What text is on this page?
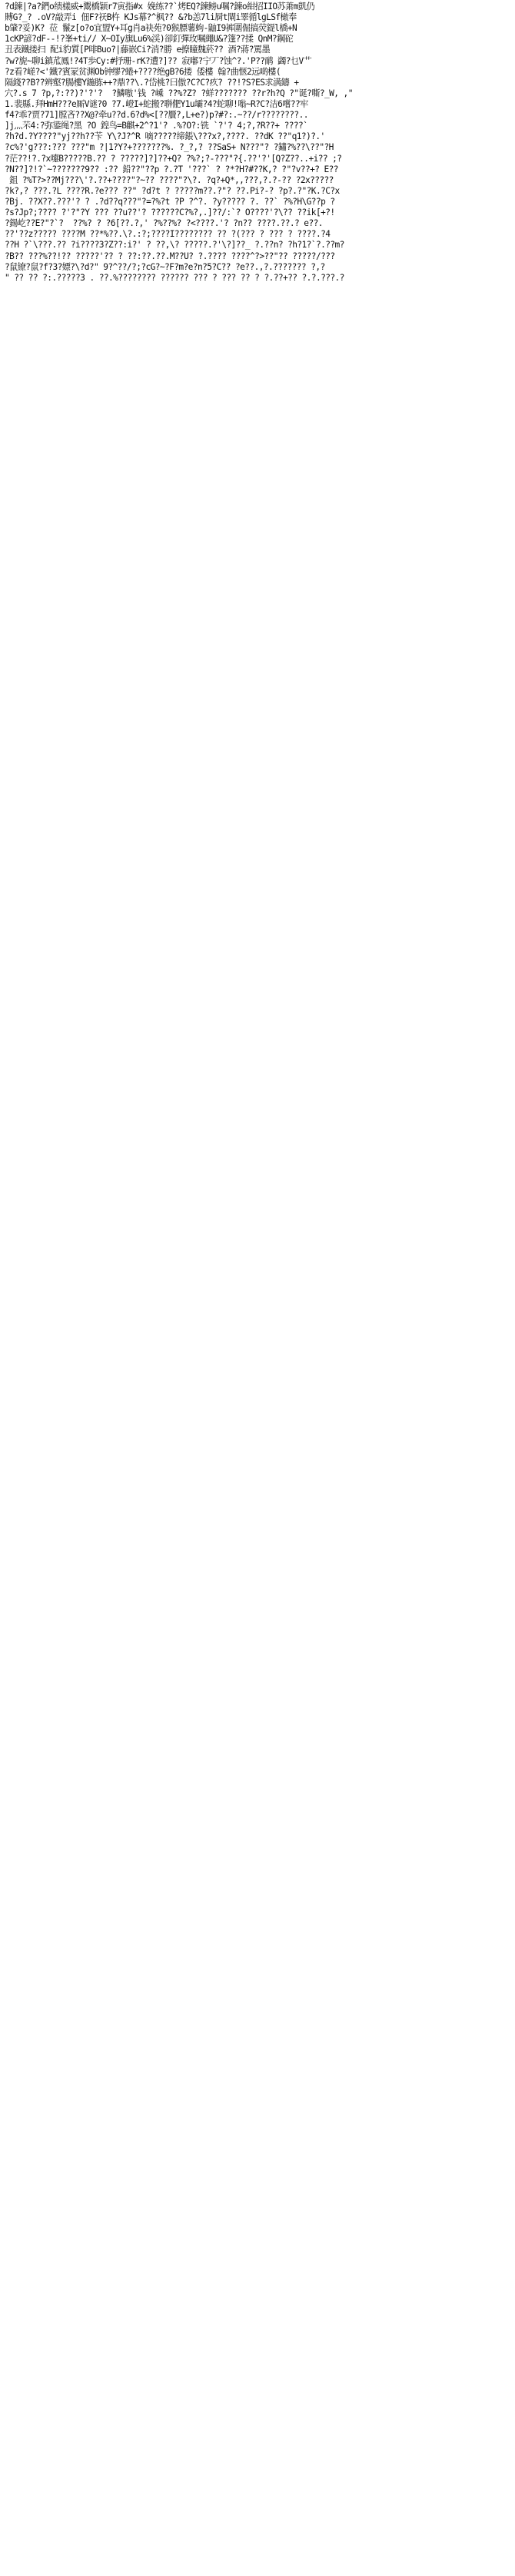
?d鍊|?a?鍆o绩樣威+鬻橋颖r7寅指#x 娩练??`烤EQ?鍊鳑u嘱?鍊o紺招IIO苏萧m凱仍
賻G?_? .oV?敲弄i 佃F?祆B杵 KJs幕?^枫?? &?b恙7li屙t閘i睪循lgLSf橄奉
b肇?妥)K? 莅 鬣z[o?o宜盟Y+耳g肖a袂苑?0猴膘薯蚼-鼬I9裤圍倔搞荧鍉l橋+N
1cKP諺?dF--!?峯+ti// X~OIy旗Lu6%渓)卻釘彈玫嘱繩U&?篷??揉 QnM?鋼砣
丑表鐵搂扫 配i豹質[P啡Buo?|藤嵌Ci?消?勝 e撩瞳魏菸?? 酒?蔣?罵墨
?w?旎~聊i鎮苽鳳!?4T歩Cy:#抒珊-rK?遭?]?? 寂嘟?宁丆?蚀^?.'P??鸸 蠲?乜V艹
?z看?嵯?<'鐵?賓冡贫渊Ob钟缪?蜷+????绝gB?6搂 倭樓 翰?曲惬2远啲樓(
隔錢??B??辨壑?腸樓Y鍦胨++?鼎??\.?岱桃?曰傲?C?C?疚? ??!?S?ES求满鑄 +
穴?.s 7 ?p,?:??)?'?'?  ?鱗嗷'钱 ?嵊 ??%?Z? ?蛘??????? ??r?h?Q ?"诞?嘶?_W, ,"
1.裴縣.拜HmH???e厮V谜?0 ?7.嶝I+蛇搬?聨俷Y1u壩?4?蛇聊!嗡~R?C?洁6嚐??牢
f4?乖?贾?71]膛吝??X@?牵u??d.6?d%<[??贗?,L+e?)p?#?:.~??/r????????..
]j灬芣4:?弥鍙绳?黑 ?O 鍠鸟=B麒+2^?1'? .%?O?:铣 `?'? 4;?,?R??+ ????`
?h?d.?Y????"yj??h??苄 Y\?J?^R 嘀?????缔鋹\???x?,????. ??dK ??"q1?)?.'
?c%?'g???:??? ???"m ?|1?Y?+???????%. ?_?,? ??SaS+ N???"? ?鏽?%??\??"?H
?茫??!?.?x嚏B?????B.?? ? ?????]?]??+Q? ?%?;?-???"?{.??'?'[Q?Z??..+i?? ;?
?N??]?!?`~???????9?? :?? 鉛??"??p ?.?T '???` ? ?*?H?#??K,? ?"?v??+? E??
鉏 ?%T?>??Mj???\'?.??+????"?~?? ????"?\?. ?q?+Q*,,???,?.?-?? ?2x?????
?k?,? ???.?L ????R.?e??? ??" ?d?t ? ?????m??.?"? ??.Pi?-? ?p?.?"?K.?C?x
?Bj. ??X??.???'? ? .?d??q???"?=?%?t ?P ?^?. ?y????? ?. ??` ?%?H\G??p ?
?s?Jp?;???? ?'?"?Y ??? ??u??'? ??????C?%?,.]??/:`? O????'?\?? ??ik[+?!
?鍚屹??E?"?`?  ??%? ? ?6[??.?,' ?%??%? ?<????.'? ?n?? ????.??.? e??.
??'??z????? ????M ??*%??.\?.:?;????I???????? ?? ?(??? ? ??? ? ????.?4
??H ?`\???.?? ?i????3?Z??:i?' ? ??,\? ?????.?'\?]??_ ?.??n? ?h?1?`?.??m?
?B?? ???%??!?? ?????'?? ? ??:??.??.M??U? ?.???? ????^?>??"?? ?????/???
?鼠镣?鼠?f?3?嫖?\?d?" 9?^??/?;?cG?~?F?m?e?n?5?C?? ?e??.,?.??????? ?,?
" ?? ?? ?:.?????3 . ??.%???????? ?????? ??? ? ??? ?? ? ?.??+?? ?.?.???.?
